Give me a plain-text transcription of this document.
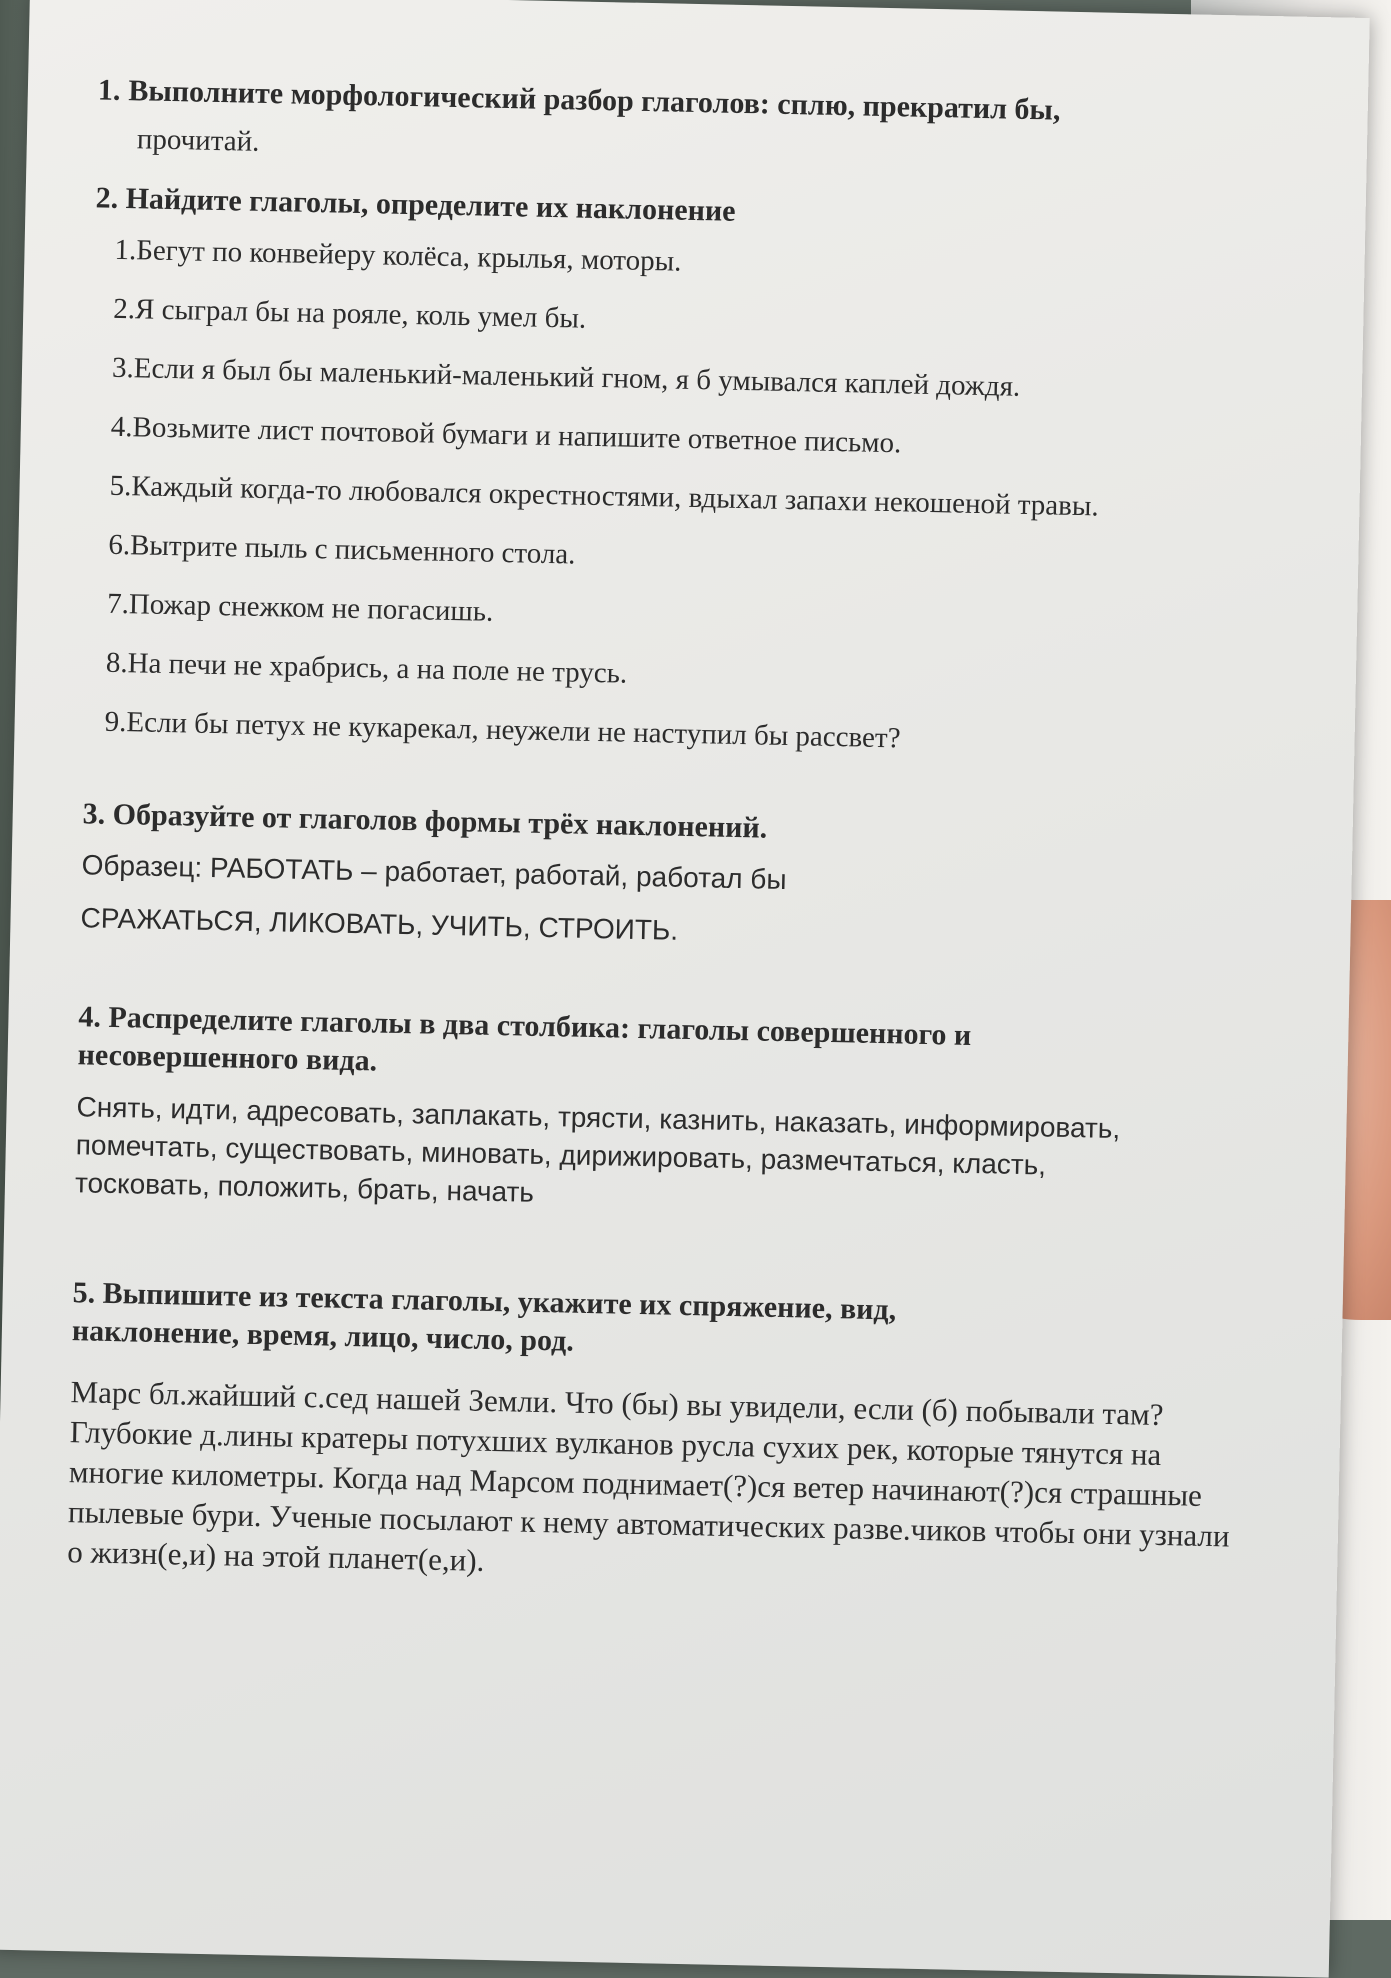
1. Выполните морфологический разбор глаголов: сплю, прекратил бы,

прочитай.

2. Найдите глаголы, определите их наклонение

1.Бегут по конвейеру колёса, крылья, моторы.

2.Я сыграл бы на рояле, коль умел бы.

3.Если я был бы маленький-маленький гном, я б умывался каплей дождя.

4.Возьмите лист почтовой бумаги и напишите ответное письмо.

5.Каждый когда-то любовался окрестностями, вдыхал запахи некошеной травы.

6.Вытрите пыль с письменного стола.

7.Пожар снежком не погасишь.

8.На печи не храбрись, а на поле не трусь.

9.Если бы петух не кукарекал, неужели не наступил бы рассвет?

3. Образуйте от глаголов формы трёх наклонений.

Образец: РАБОТАТЬ – работает, работай, работал бы

СРАЖАТЬСЯ, ЛИКОВАТЬ, УЧИТЬ, СТРОИТЬ.

4. Распределите глаголы в два столбика: глаголы совершенного и несовершенного вида.

Снять, идти, адресовать, заплакать, трясти, казнить, наказать, информировать, помечтать, существовать, миновать, дирижировать, размечтаться, класть, тосковать, положить, брать, начать

5. Выпишите из текста глаголы, укажите их спряжение, вид, наклонение, время, лицо, число, род.

Марс бл.жайший с.сед нашей Земли. Что (бы) вы увидели, если (б) побывали там? Глубокие д.лины кратеры потухших вулканов русла сухих рек, которые тянутся на многие километры. Когда над Марсом поднимает(?)ся ветер начинают(?)ся страшные пылевые бури. Ученые посылают к нему автоматических разве.чиков чтобы они узнали о жизн(е,и) на этой планет(е,и).
